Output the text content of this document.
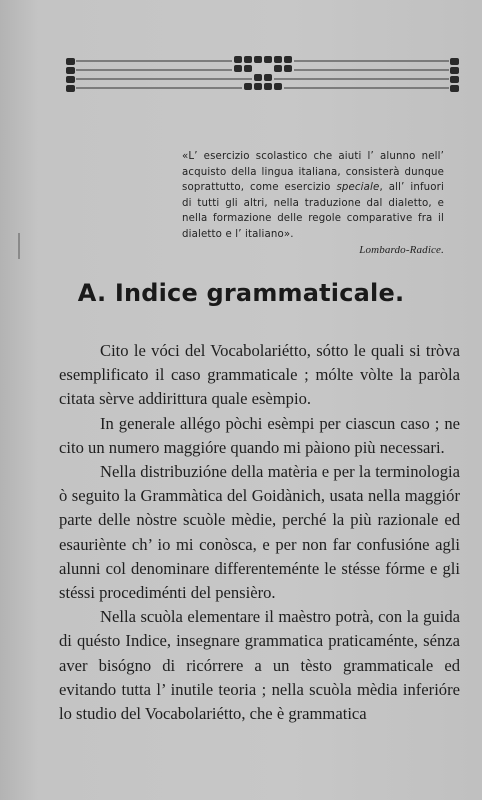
«L’ esercizio scolastico che aiuti l’ alunno nell’ acquisto della lingua italiana, consisterà dunque soprattutto, come esercizio speciale, all’ infuori di tutti gli altri, nella traduzione dal dialetto, e nella formazione delle regole comparative fra il dialetto e l’ italiano».

Lombardo-Radice.
A. Indice grammaticale.

Cito le vóci del Vocabolariétto, sótto le quali si tròva esemplificato il caso grammaticale ; mólte vòlte la paròla citata sèrve addirittura quale esèmpio.

In generale allégo pòchi esèmpi per ciascun caso ; ne cito un numero maggióre quando mi pàiono più necessari.

Nella distribuzióne della matèria e per la terminologia ò seguito la Grammàtica del Goidànich, usata nella maggiór parte delle nòstre scuòle mèdie, perché la più razionale ed esauriènte ch’ io mi conòsca, e per non far confusióne agli alunni col denominare differenteménte le stésse fórme e gli stéssi procediménti del pensièro.

Nella scuòla elementare il maèstro potrà, con la guida di quésto Indice, insegnare grammatica praticaménte, sénza aver bisógno di ricórrere a un tèsto grammaticale ed evitando tutta l’ inutile teoria ; nella scuòla mèdia inferióre lo studio del Vocabolariétto, che è grammatica
